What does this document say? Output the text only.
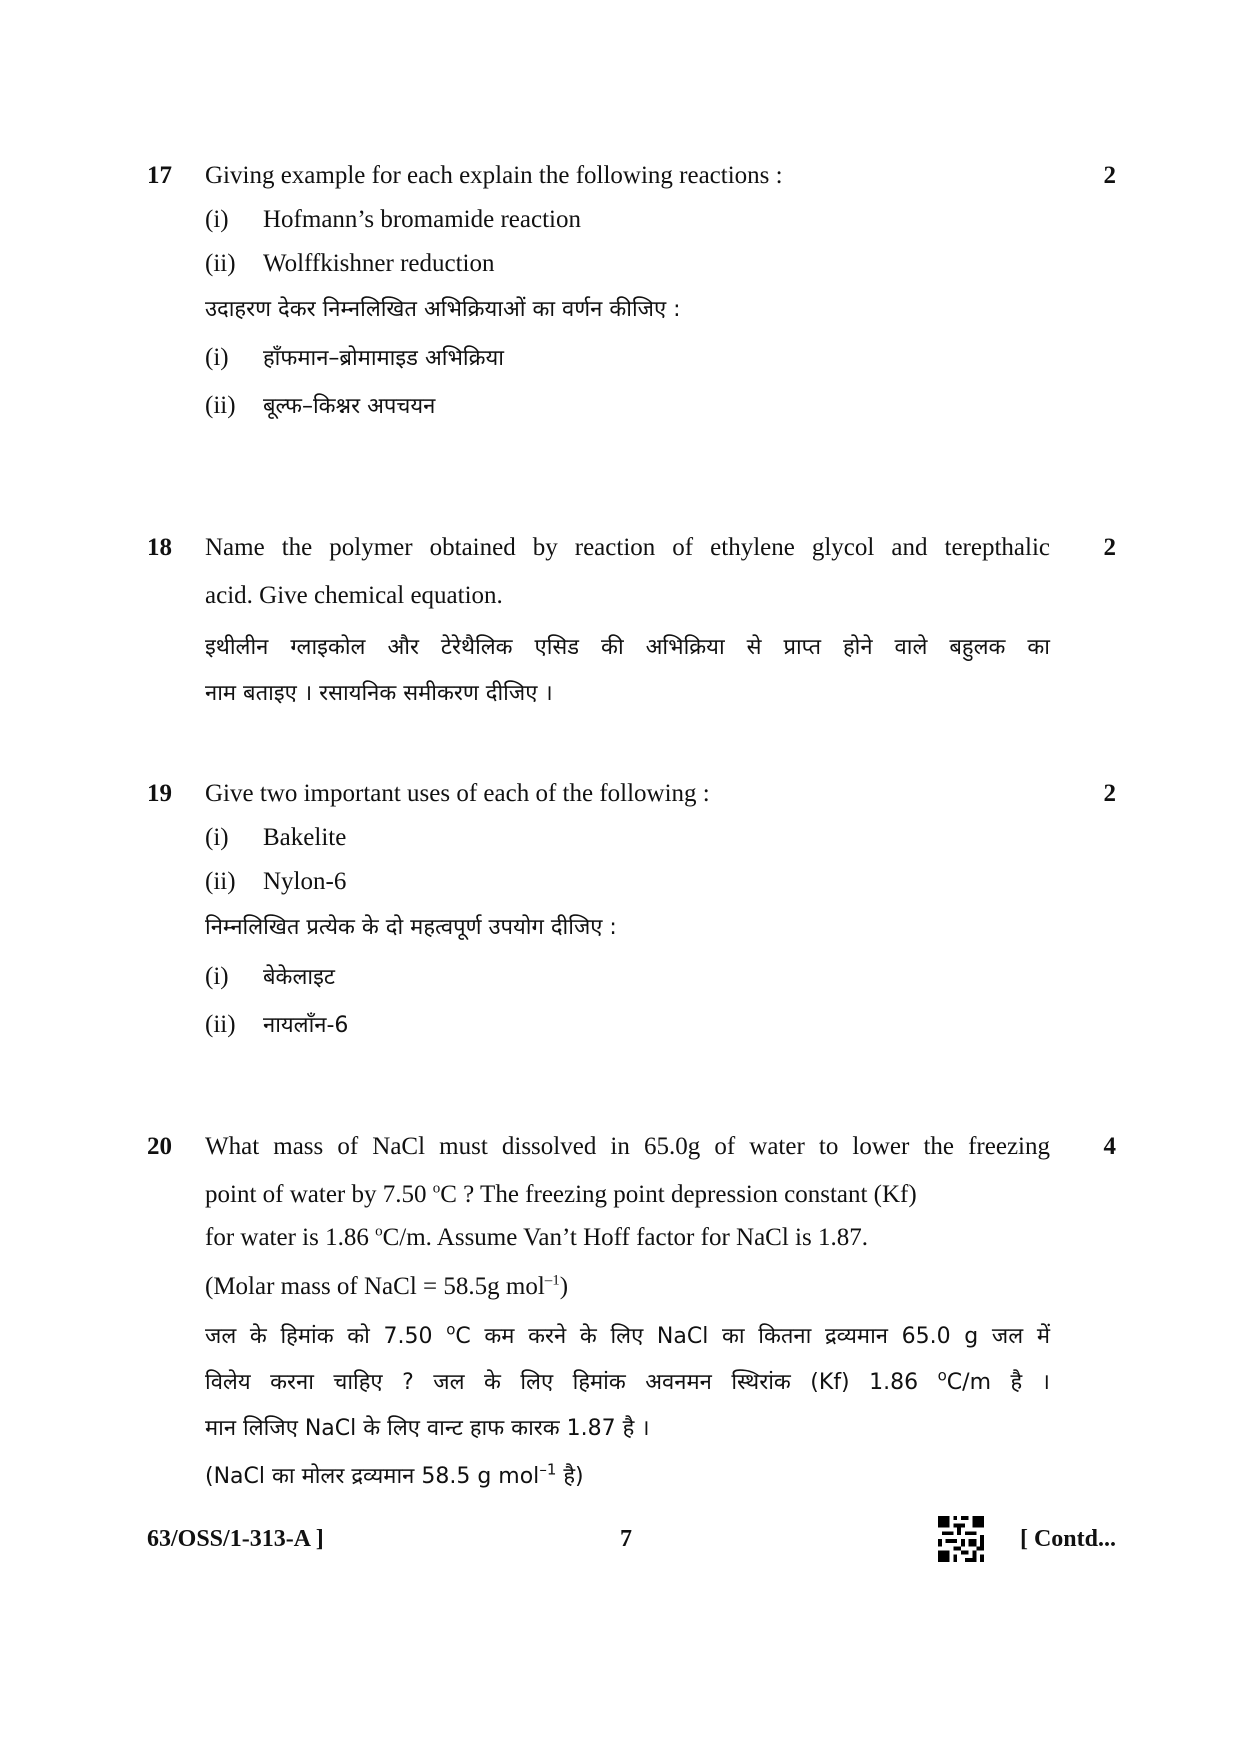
17	2
Giving example for each explain the following reactions :
(i) Hofmann’s bromamide reaction
(ii) Wolffkishner reduction
उदाहरण देकर निम्नलिखित अभिक्रियाओं का वर्णन कीजिए :
(i) हाँफमान–ब्रोमामाइड अभिक्रिया
(ii) बूल्फ–किश्नर अपचयन
18	2
Name the polymer obtained by reaction of ethylene glycol and terepthalic
acid. Give chemical equation.
इथीलीन ग्लाइकोल और टेरेथैलिक एसिड की अभिक्रिया से प्राप्त होने वाले बहुलक का
नाम बताइए । रसायनिक समीकरण दीजिए ।
19	2
Give two important uses of each of the following :
(i) Bakelite
(ii) Nylon-6
निम्नलिखित प्रत्येक के दो महत्वपूर्ण उपयोग दीजिए :
(i) बेकेलाइट
(ii) नायलाँन-6
20	4
What mass of NaCl must dissolved in 65.0g of water to lower the freezing
point of water by 7.50 $^o$C ? The freezing point depression constant (Kf)
for water is 1.86 $^o$C/m. Assume Van’t Hoff factor for NaCl is 1.87.
(Molar mass of NaCl = 58.5g mol$^{-1}$)
जल के हिमांक को 7.50 $^o$C कम करने के लिए NaCl का कितना द्रव्यमान 65.0 g जल में
विलेय करना चाहिए ? जल के लिए हिमांक अवनमन स्थिरांक (Kf) 1.86 $^o$C/m है ।
मान लिजिए NaCl के लिए वान्ट हाफ कारक 1.87 है ।
(NaCl का मोलर द्रव्यमान 58.5 g mol$^{-1}$ है)
63/OSS/1-313-A ]	7	[ Contd...
